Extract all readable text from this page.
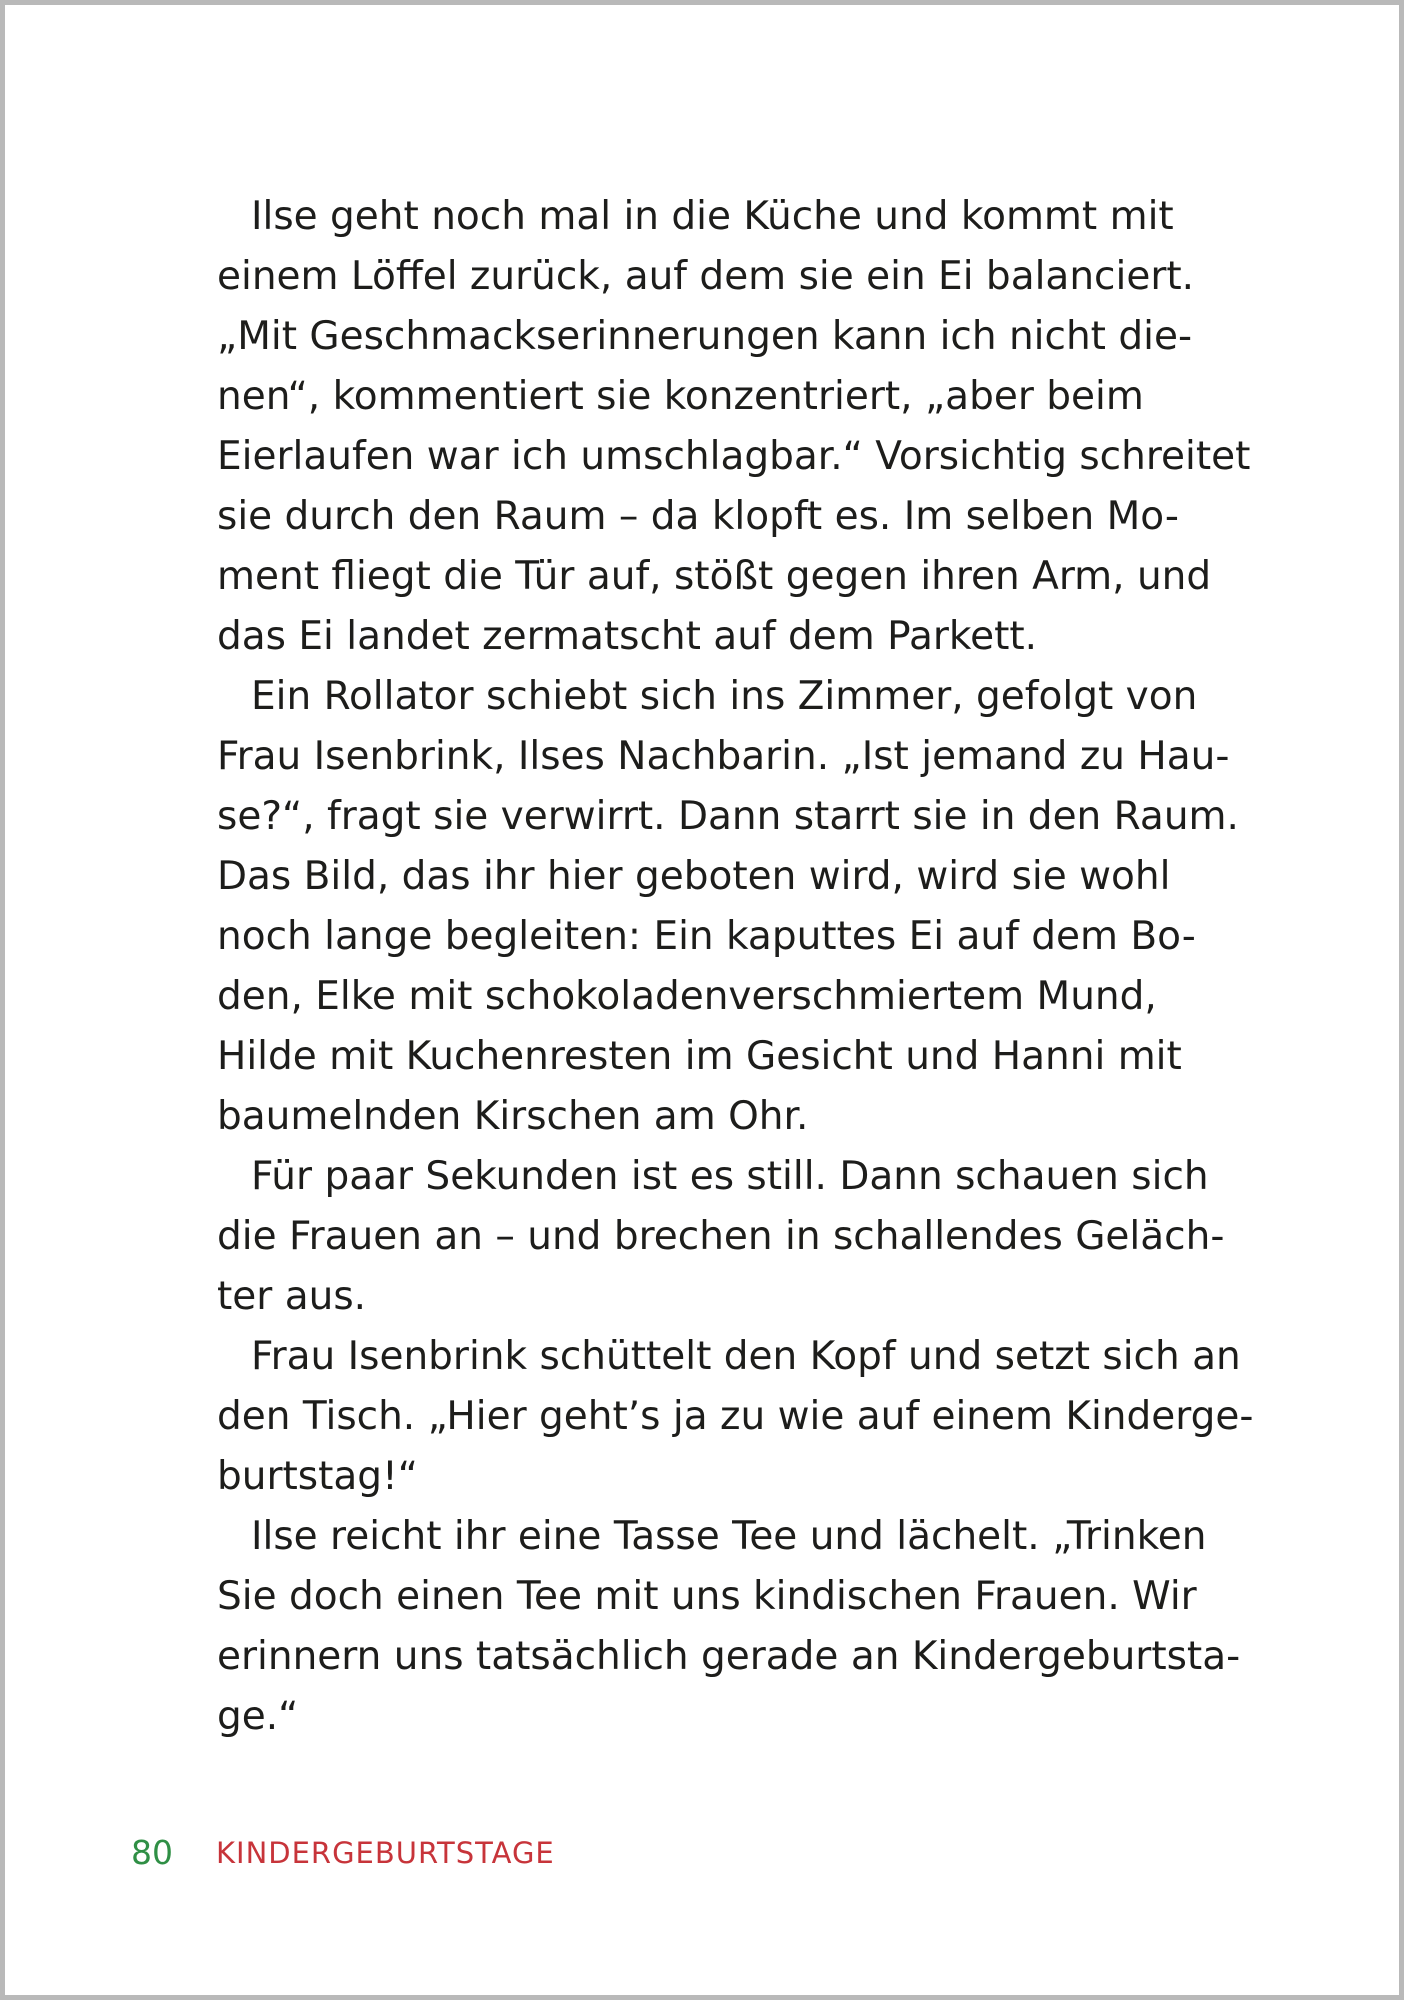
Ilse geht noch mal in die Küche und kommt mit
einem Löffel zurück, auf dem sie ein Ei balanciert.
„Mit Geschmackserinnerungen kann ich nicht die-
nen“, kommentiert sie konzentriert, „aber beim
Eierlaufen war ich umschlagbar.“ Vorsichtig schreitet
sie durch den Raum – da klopft es. Im selben Mo-
ment fliegt die Tür auf, stößt gegen ihren Arm, und
das Ei landet zermatscht auf dem Parkett.
Ein Rollator schiebt sich ins Zimmer, gefolgt von
Frau Isenbrink, Ilses Nachbarin. „Ist jemand zu Hau-
se?“, fragt sie verwirrt. Dann starrt sie in den Raum.
Das Bild, das ihr hier geboten wird, wird sie wohl
noch lange begleiten: Ein kaputtes Ei auf dem Bo-
den, Elke mit schokoladenverschmiertem Mund,
Hilde mit Kuchenresten im Gesicht und Hanni mit
baumelnden Kirschen am Ohr.
Für paar Sekunden ist es still. Dann schauen sich
die Frauen an – und brechen in schallendes Geläch-
ter aus.
Frau Isenbrink schüttelt den Kopf und setzt sich an
den Tisch. „Hier geht’s ja zu wie auf einem Kinderge-
burtstag!“
Ilse reicht ihr eine Tasse Tee und lächelt. „Trinken
Sie doch einen Tee mit uns kindischen Frauen. Wir
erinnern uns tatsächlich gerade an Kindergeburtsta-
ge.“
80 KINDERGEBURTSTAGE
